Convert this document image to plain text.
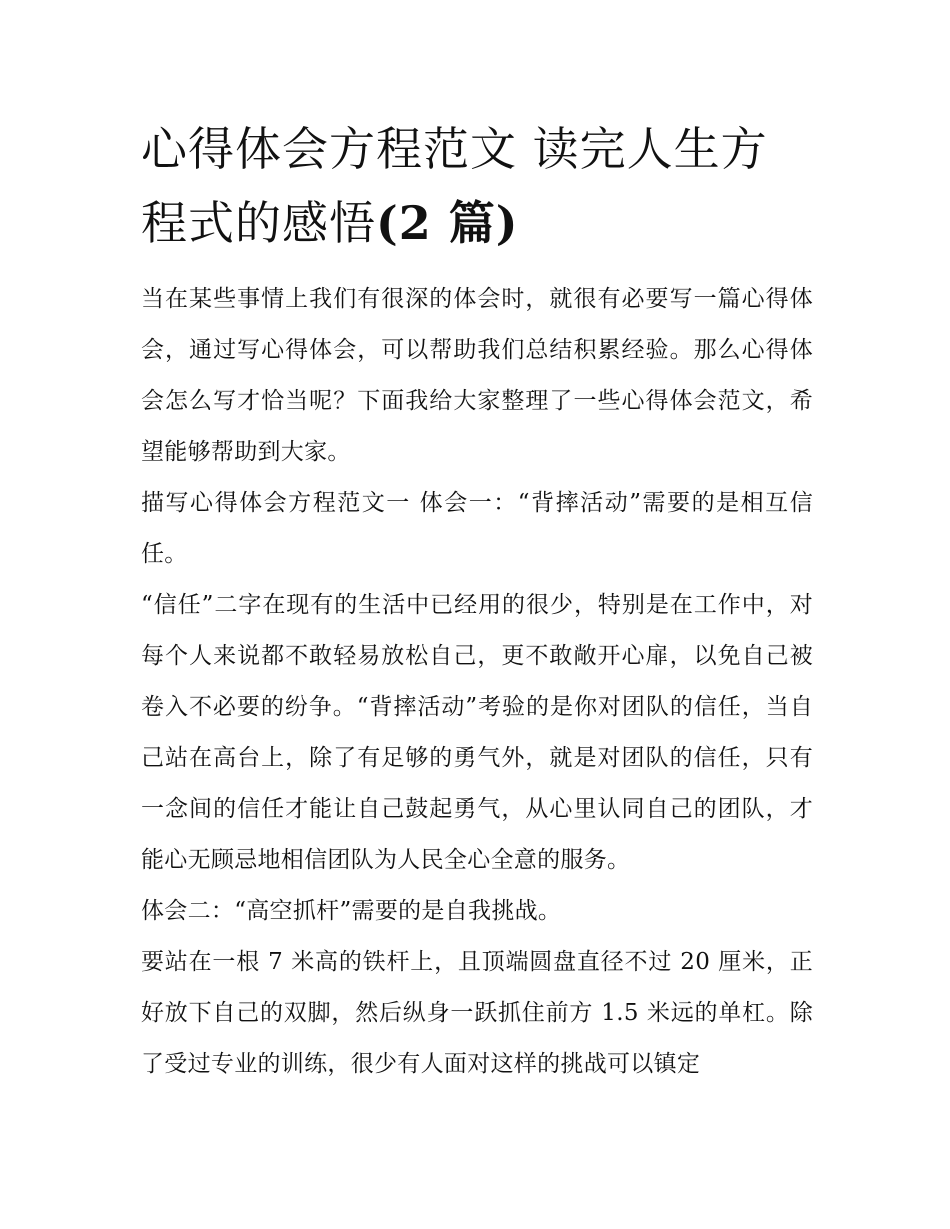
心得体会方程范文 读完人生方程式的感悟(2 篇)

当在某些事情上我们有很深的体会时，就很有必要写一篇心得体会，通过写心得体会，可以帮助我们总结积累经验。那么心得体会怎么写才恰当呢？下面我给大家整理了一些心得体会范文，希望能够帮助到大家。

描写心得体会方程范文一 体会一：“背摔活动”需要的是相互信任。

“信任”二字在现有的生活中已经用的很少，特别是在工作中，对每个人来说都不敢轻易放松自己，更不敢敞开心扉，以免自己被卷入不必要的纷争。“背摔活动”考验的是你对团队的信任，当自己站在高台上，除了有足够的勇气外，就是对团队的信任，只有一念间的信任才能让自己鼓起勇气，从心里认同自己的团队，才能心无顾忌地相信团队为人民全心全意的服务。

体会二：“高空抓杆”需要的是自我挑战。

要站在一根 7 米高的铁杆上，且顶端圆盘直径不过 20 厘米，正好放下自己的双脚，然后纵身一跃抓住前方 1.5 米远的单杠。除了受过专业的训练，很少有人面对这样的挑战可以镇定
